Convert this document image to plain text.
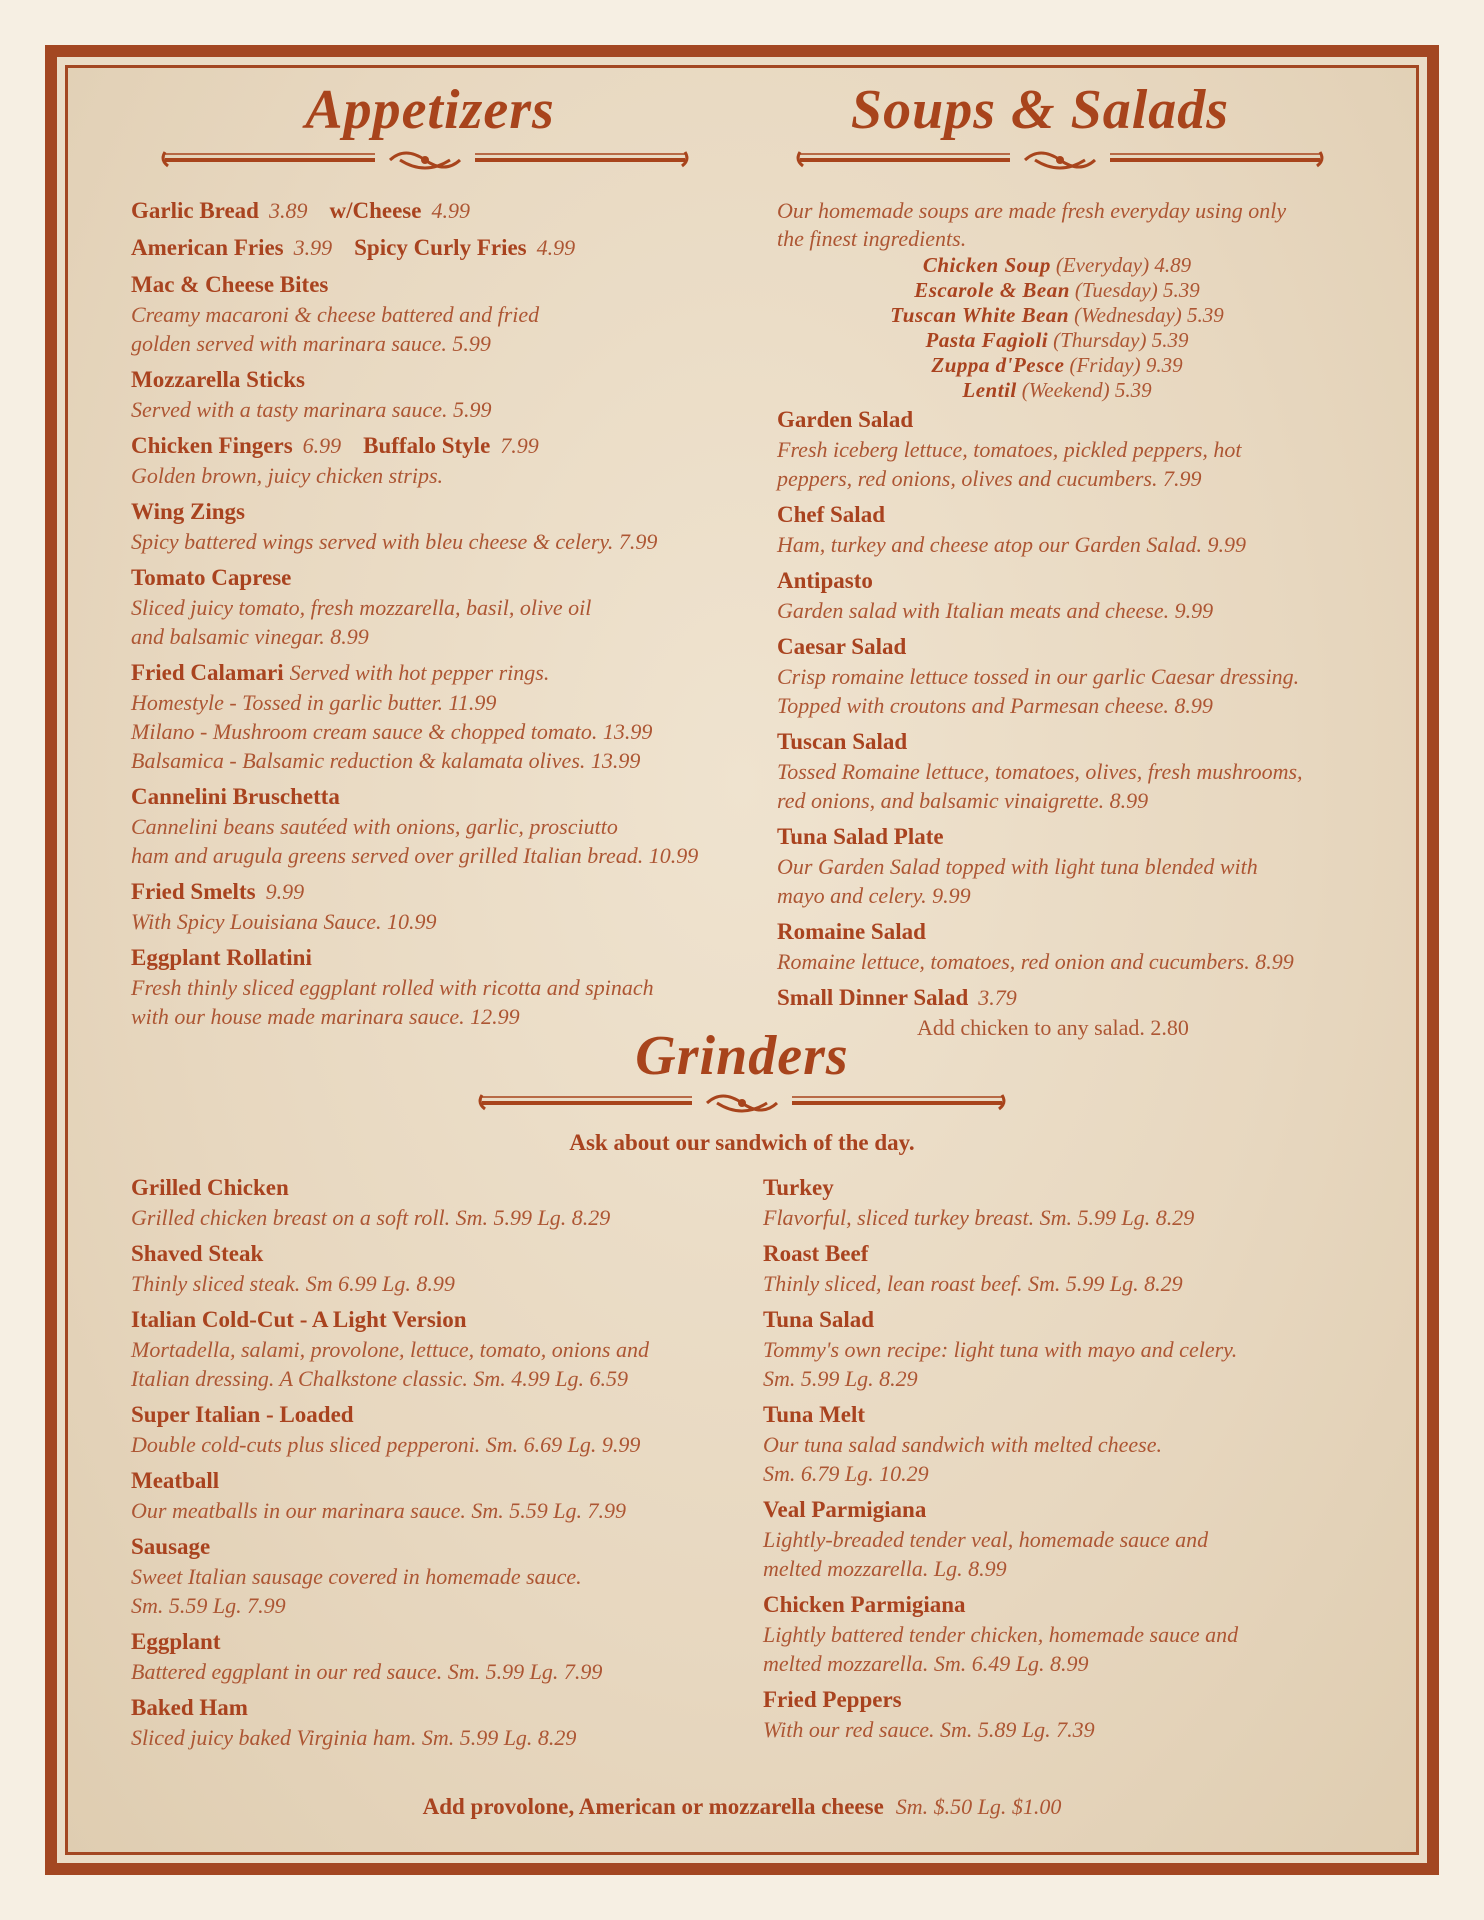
Appetizers	Soups & Salads
Garlic Bread 3.89 w/Cheese 4.99
American Fries 3.99 Spicy Curly Fries 4.99
Mac & Cheese Bites
Creamy macaroni & cheese battered and fried
golden served with marinara sauce. 5.99
Mozzarella Sticks
Served with a tasty marinara sauce. 5.99
Chicken Fingers 6.99 Buffalo Style 7.99
Golden brown, juicy chicken strips.
Wing Zings
Spicy battered wings served with bleu cheese & celery. 7.99
Tomato Caprese
Sliced juicy tomato, fresh mozzarella, basil, olive oil
and balsamic vinegar. 8.99
Fried Calamari Served with hot pepper rings.
Homestyle - Tossed in garlic butter. 11.99
Milano - Mushroom cream sauce & chopped tomato. 13.99
Balsamica - Balsamic reduction & kalamata olives. 13.99
Cannelini Bruschetta
Cannelini beans sautéed with onions, garlic, prosciutto
ham and arugula greens served over grilled Italian bread. 10.99
Fried Smelts 9.99
With Spicy Louisiana Sauce. 10.99
Eggplant Rollatini
Fresh thinly sliced eggplant rolled with ricotta and spinach
with our house made marinara sauce. 12.99
Our homemade soups are made fresh everyday using only
the finest ingredients.
Chicken Soup (Everyday) 4.89
Escarole & Bean (Tuesday) 5.39
Tuscan White Bean (Wednesday) 5.39
Pasta Fagioli (Thursday) 5.39
Zuppa d'Pesce (Friday) 9.39
Lentil (Weekend) 5.39
Garden Salad
Fresh iceberg lettuce, tomatoes, pickled peppers, hot
peppers, red onions, olives and cucumbers. 7.99
Chef Salad
Ham, turkey and cheese atop our Garden Salad. 9.99
Antipasto
Garden salad with Italian meats and cheese. 9.99
Caesar Salad
Crisp romaine lettuce tossed in our garlic Caesar dressing.
Topped with croutons and Parmesan cheese. 8.99
Tuscan Salad
Tossed Romaine lettuce, tomatoes, olives, fresh mushrooms,
red onions, and balsamic vinaigrette. 8.99
Tuna Salad Plate
Our Garden Salad topped with light tuna blended with
mayo and celery. 9.99
Romaine Salad
Romaine lettuce, tomatoes, red onion and cucumbers. 8.99
Small Dinner Salad 3.79
Add chicken to any salad. 2.80
Grinders
Ask about our sandwich of the day.
Grilled Chicken
Grilled chicken breast on a soft roll. Sm. 5.99 Lg. 8.29
Shaved Steak
Thinly sliced steak. Sm 6.99 Lg. 8.99
Italian Cold-Cut - A Light Version
Mortadella, salami, provolone, lettuce, tomato, onions and
Italian dressing. A Chalkstone classic. Sm. 4.99 Lg. 6.59
Super Italian - Loaded
Double cold-cuts plus sliced pepperoni. Sm. 6.69 Lg. 9.99
Meatball
Our meatballs in our marinara sauce. Sm. 5.59 Lg. 7.99
Sausage
Sweet Italian sausage covered in homemade sauce.
Sm. 5.59 Lg. 7.99
Eggplant
Battered eggplant in our red sauce. Sm. 5.99 Lg. 7.99
Baked Ham
Sliced juicy baked Virginia ham. Sm. 5.99 Lg. 8.29
Turkey
Flavorful, sliced turkey breast. Sm. 5.99 Lg. 8.29
Roast Beef
Thinly sliced, lean roast beef. Sm. 5.99 Lg. 8.29
Tuna Salad
Tommy's own recipe: light tuna with mayo and celery.
Sm. 5.99 Lg. 8.29
Tuna Melt
Our tuna salad sandwich with melted cheese.
Sm. 6.79 Lg. 10.29
Veal Parmigiana
Lightly-breaded tender veal, homemade sauce and
melted mozzarella. Lg. 8.99
Chicken Parmigiana
Lightly battered tender chicken, homemade sauce and
melted mozzarella. Sm. 6.49 Lg. 8.99
Fried Peppers
With our red sauce. Sm. 5.89 Lg. 7.39
Add provolone, American or mozzarella cheese Sm. $.50 Lg. $1.00
